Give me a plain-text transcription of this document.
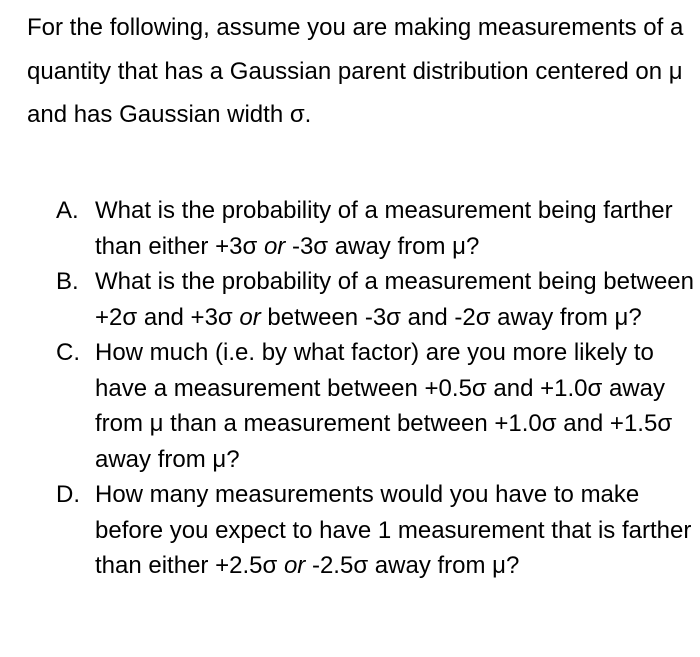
For the following, assume you are making measurements of a quantity that has a Gaussian parent distribution centered on μ and has Gaussian width σ.

A. What is the probability of a measurement being farther than either +3σ or -3σ away from μ?
B. What is the probability of a measurement being between +2σ and +3σ or between -3σ and -2σ away from μ?
C. How much (i.e. by what factor) are you more likely to have a measurement between +0.5σ and +1.0σ away from μ than a measurement between +1.0σ and +1.5σ away from μ?
D. How many measurements would you have to make before you expect to have 1 measurement that is farther than either +2.5σ or -2.5σ away from μ?
